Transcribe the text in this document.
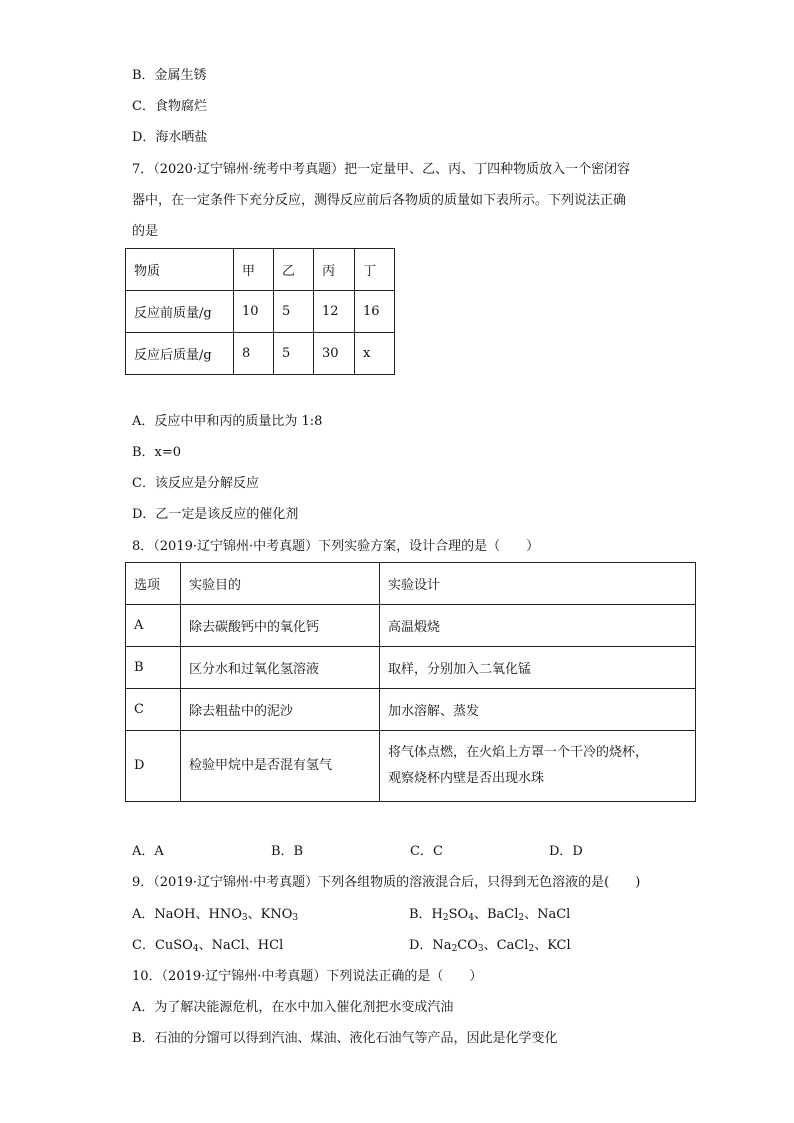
B．金属生锈
C．食物腐烂
D．海水晒盐
7．（2020·辽宁锦州·统考中考真题）把一定量甲、乙、丙、丁四种物质放入一个密闭容
器中，在一定条件下充分反应，测得反应前后各物质的质量如下表所示。下列说法正确
的是
物质	甲	乙	丙	丁
反应前质量/g	10	5	12	16
反应后质量/g	8	5	30	x
A．反应中甲和丙的质量比为 1:8
B．x=0
C．该反应是分解反应
D．乙一定是该反应的催化剂
8．（2019·辽宁锦州·中考真题）下列实验方案，设计合理的是（　　）
选项	实验目的	实验设计
A	除去碳酸钙中的氧化钙	高温煅烧
B	区分水和过氧化氢溶液	取样，分别加入二氧化锰
C	除去粗盐中的泥沙	加水溶解、蒸发
D	检验甲烷中是否混有氢气	将气体点燃，在火焰上方罩一个干冷的烧杯，
观察烧杯内壁是否出现水珠
A．A	B．B	C．C	D．D
9．（2019·辽宁锦州·中考真题）下列各组物质的溶液混合后，只得到无色溶液的是(　　)
A．NaOH、$HNO_3$、$KNO_3$	B．$H_2SO_4$、BaCl$_2$、NaCl
C．CuSO$_4$、NaCl、HCl	D．$Na_2CO_3$、CaCl$_2$、KCl
10．（2019·辽宁锦州·中考真题）下列说法正确的是（　　）
A．为了解决能源危机，在水中加入催化剂把水变成汽油
B．石油的分馏可以得到汽油、煤油、液化石油气等产品，因此是化学变化
